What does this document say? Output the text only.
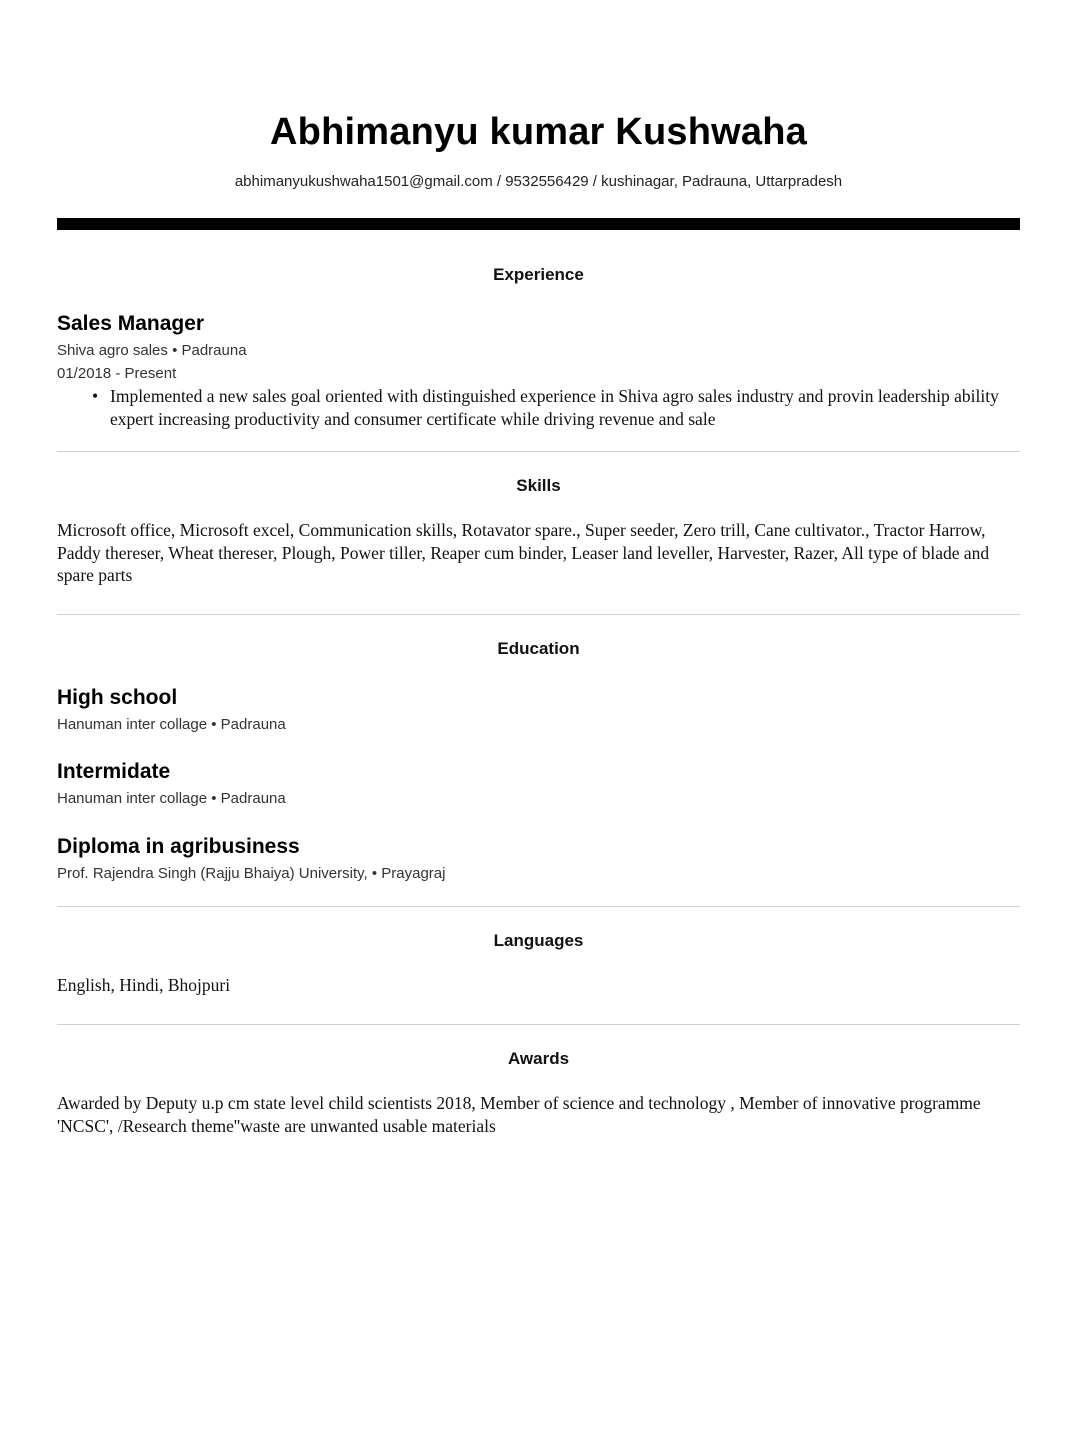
Abhimanyu kumar Kushwaha
abhimanyukushwaha1501@gmail.com / 9532556429 / kushinagar, Padrauna, Uttarpradesh
Experience
Sales Manager
Shiva agro sales • Padrauna
01/2018 - Present
• Implemented a new sales goal oriented with distinguished experience in Shiva agro sales industry and provin leadership ability expert increasing productivity and consumer certificate while driving revenue and sale
Skills
Microsoft office, Microsoft excel, Communication skills, Rotavator spare., Super seeder, Zero trill, Cane cultivator., Tractor Harrow, Paddy thereser, Wheat thereser, Plough, Power tiller, Reaper cum binder, Leaser land leveller, Harvester, Razer, All type of blade and spare parts
Education
High school
Hanuman inter collage • Padrauna
Intermidate
Hanuman inter collage • Padrauna
Diploma in agribusiness
Prof. Rajendra Singh (Rajju Bhaiya) University, • Prayagraj
Languages
English, Hindi, Bhojpuri
Awards
Awarded by Deputy u.p cm state level child scientists 2018, Member of science and technology , Member of innovative programme 'NCSC', /Research theme''waste are unwanted usable materials
